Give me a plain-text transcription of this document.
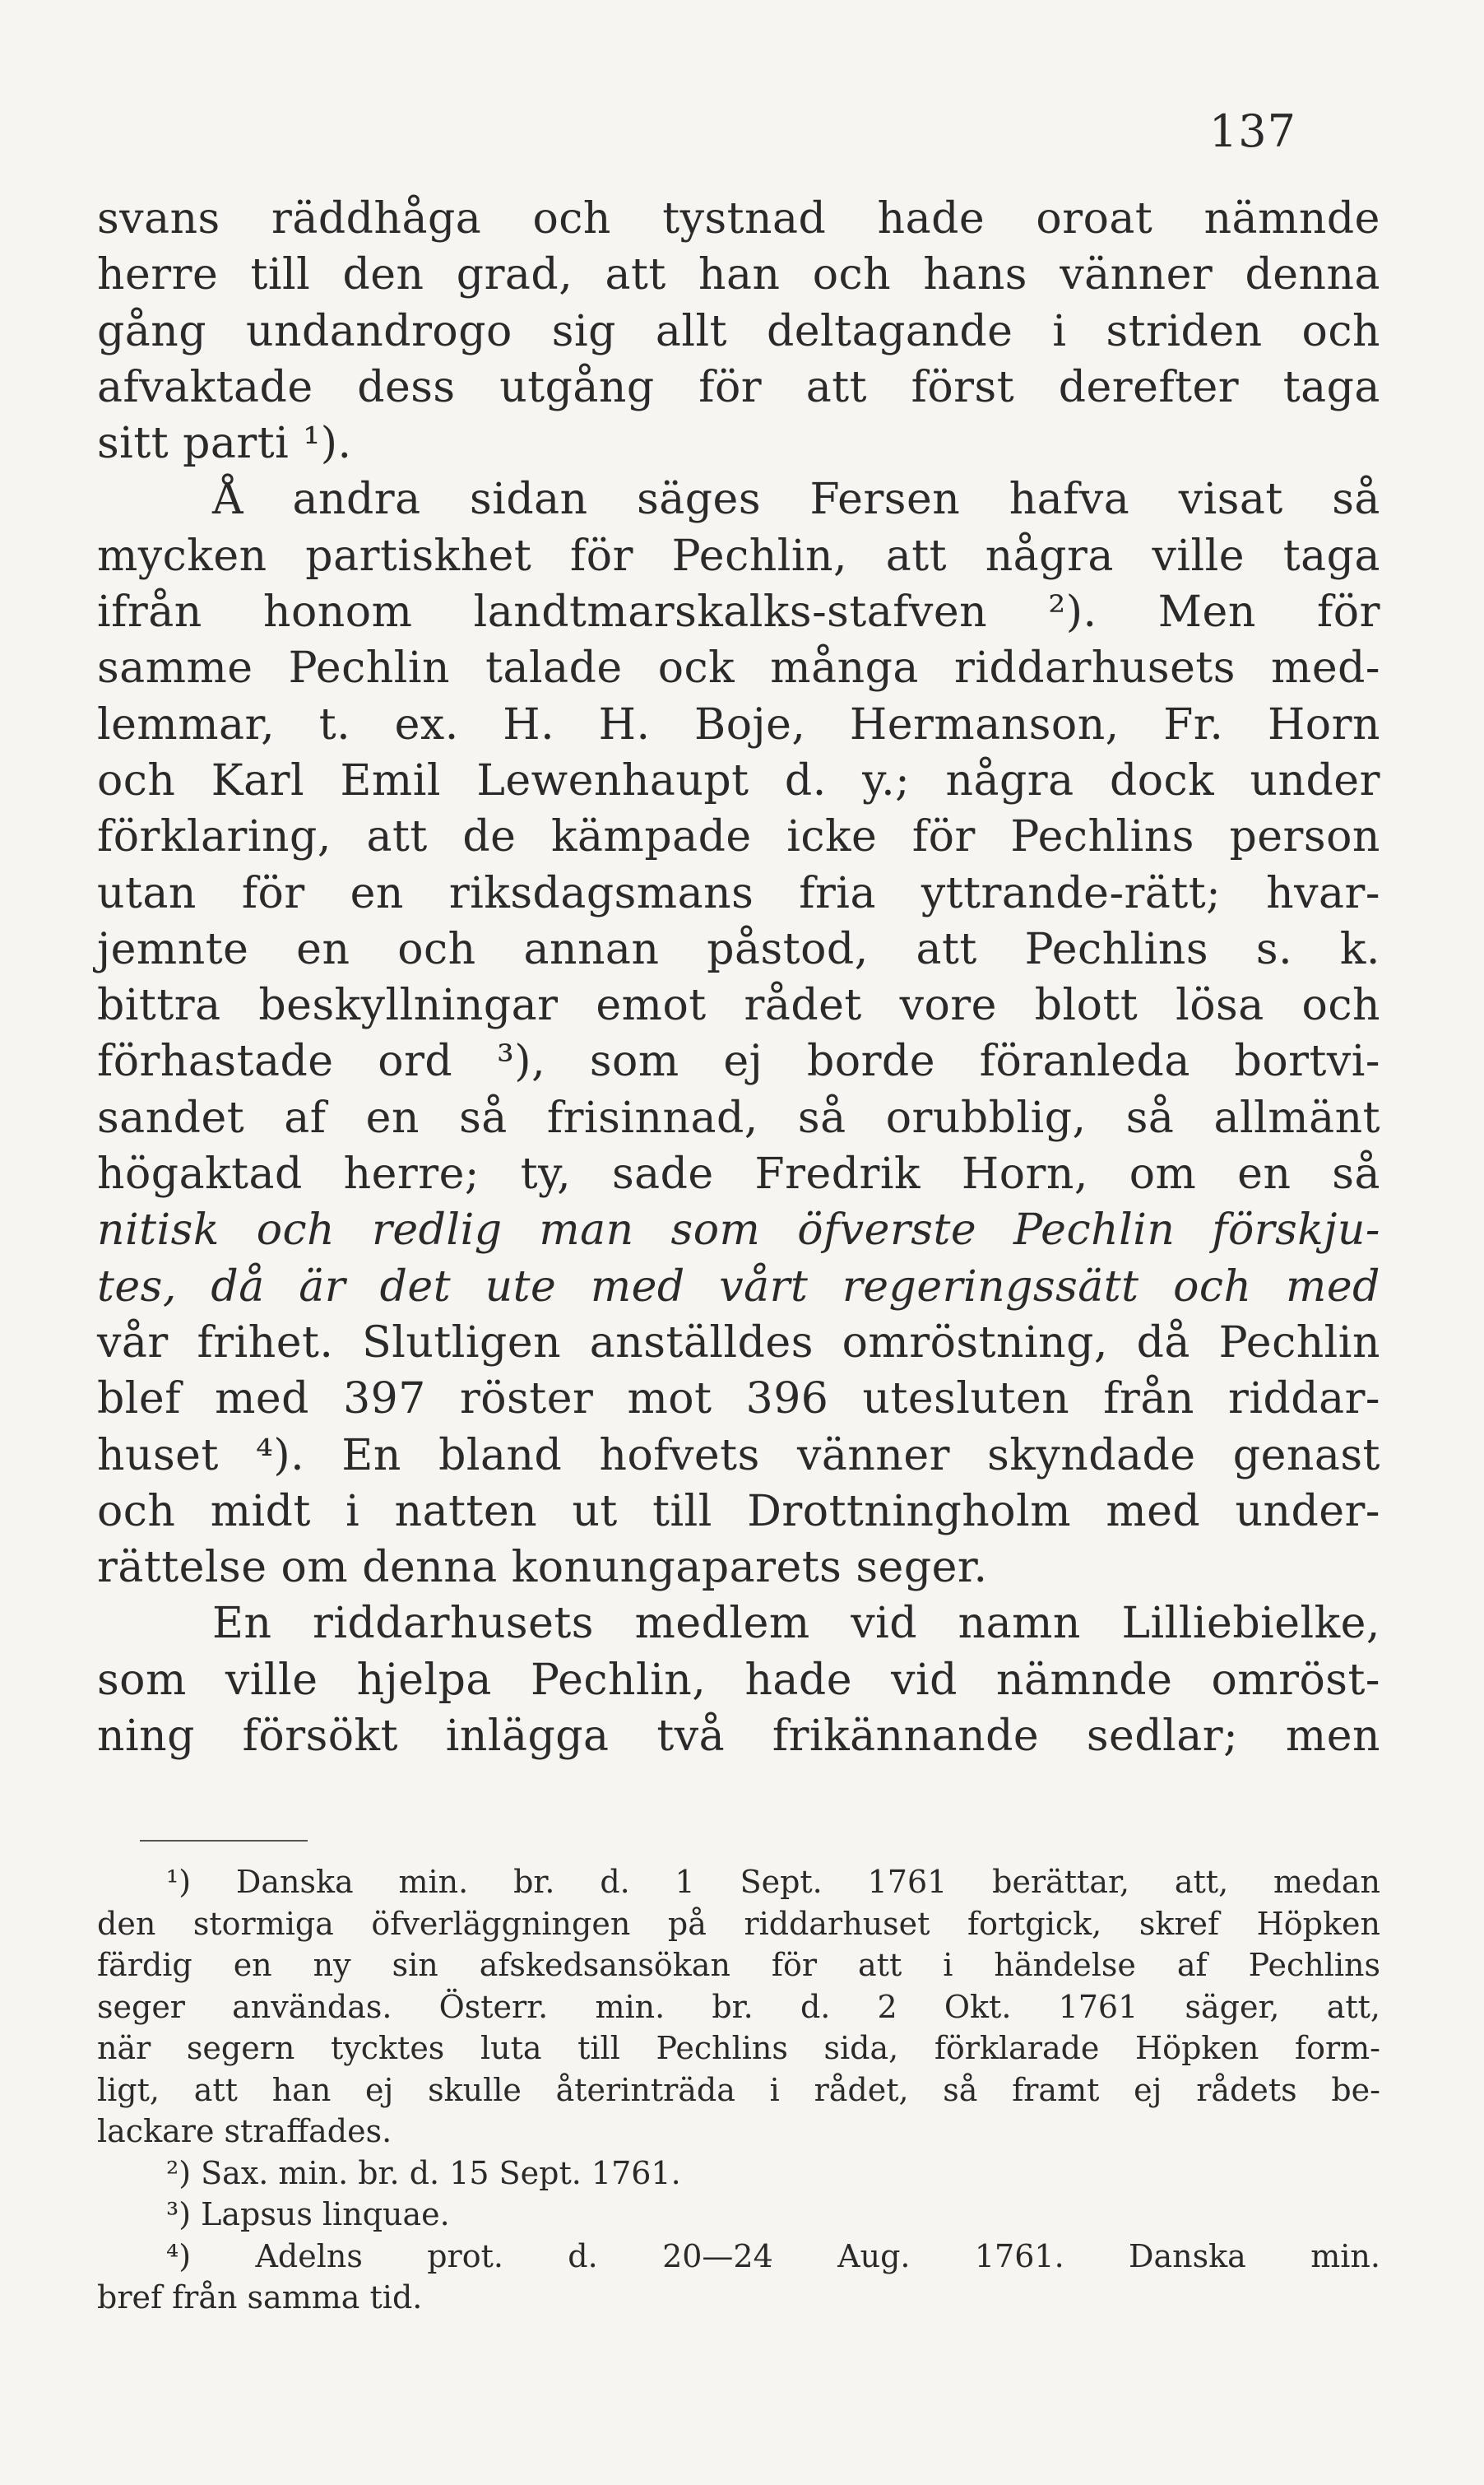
137
svans räddhåga och tystnad hade oroat nämnde
herre till den grad, att han och hans vänner denna
gång undandrogo sig allt deltagande i striden och
afvaktade dess utgång för att först derefter taga
sitt parti ¹).
Å andra sidan säges Fersen hafva visat så
mycken partiskhet för Pechlin, att några ville taga
ifrån honom landtmarskalks-stafven ²). Men för
samme Pechlin talade ock många riddarhusets med-
lemmar, t. ex. H. H. Boje, Hermanson, Fr. Horn
och Karl Emil Lewenhaupt d. y.; några dock under
förklaring, att de kämpade icke för Pechlins person
utan för en riksdagsmans fria yttrande-rätt; hvar-
jemnte en och annan påstod, att Pechlins s. k.
bittra beskyllningar emot rådet vore blott lösa och
förhastade ord ³), som ej borde föranleda bortvi-
sandet af en så frisinnad, så orubblig, så allmänt
högaktad herre; ty, sade Fredrik Horn, om en så
nitisk och redlig man som öfverste Pechlin förskju-
tes, då är det ute med vårt regeringssätt och med
vår frihet. Slutligen anställdes omröstning, då Pechlin
blef med 397 röster mot 396 utesluten från riddar-
huset ⁴). En bland hofvets vänner skyndade genast
och midt i natten ut till Drottningholm med under-
rättelse om denna konungaparets seger.
En riddarhusets medlem vid namn Lilliebielke,
som ville hjelpa Pechlin, hade vid nämnde omröst-
ning försökt inlägga två frikännande sedlar; men
¹) Danska min. br. d. 1 Sept. 1761 berättar, att, medan
den stormiga öfverläggningen på riddarhuset fortgick, skref Höpken
färdig en ny sin afskedsansökan för att i händelse af Pechlins
seger användas. Österr. min. br. d. 2 Okt. 1761 säger, att,
när segern tycktes luta till Pechlins sida, förklarade Höpken form-
ligt, att han ej skulle återinträda i rådet, så framt ej rådets be-
lackare straffades.
²) Sax. min. br. d. 15 Sept. 1761.
³) Lapsus linquae.
⁴) Adelns prot. d. 20—24 Aug. 1761. Danska min.
bref från samma tid.
